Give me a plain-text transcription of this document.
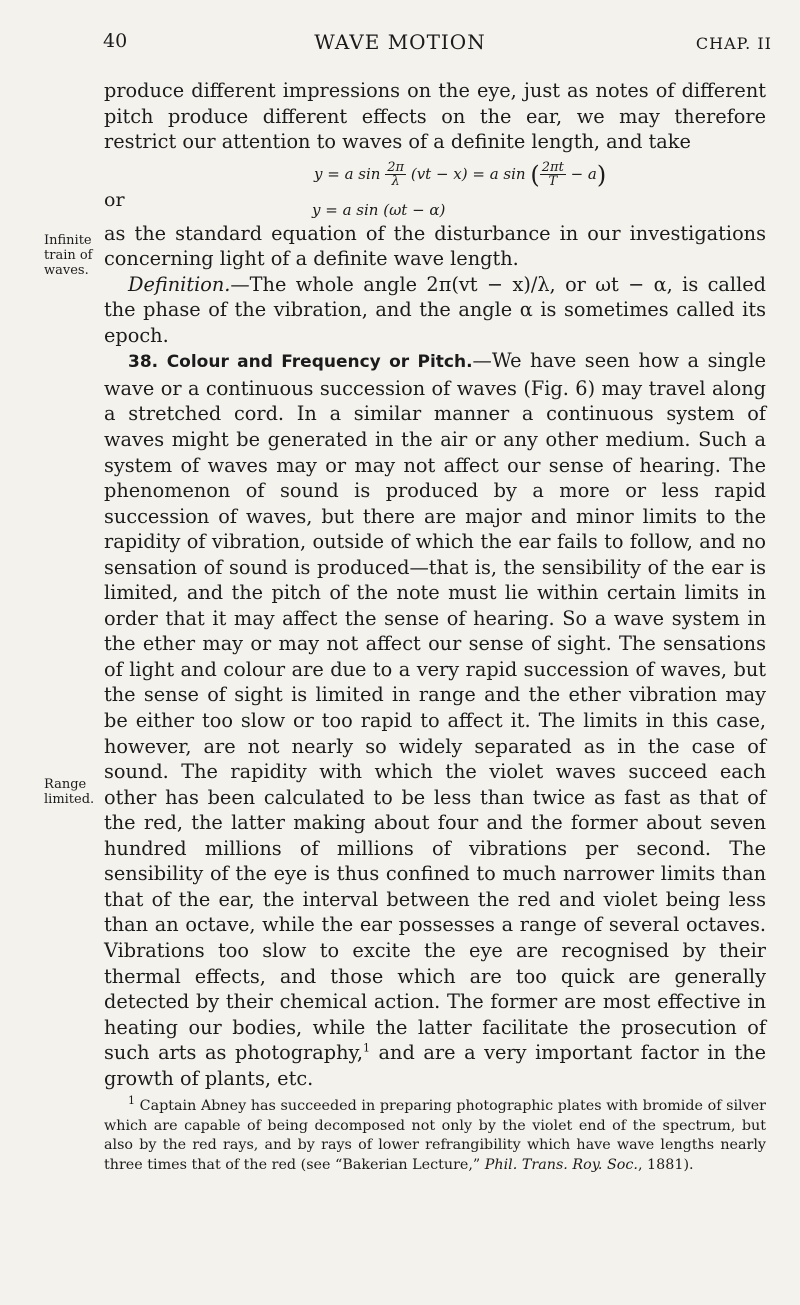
40	WAVE MOTION	CHAP. II
Infinite train of waves.
Range limited.

produce different impressions on the eye, just as notes of different pitch produce different effects on the ear, we may therefore restrict our attention to waves of a definite length, and take

y = a $\sin \frac{2\pi}{\lambda} (vt - x) = a$ sin ( $\frac{2\pi t}{T} - a$)
or	y = a sin (ωt − α)

as the standard equation of the disturbance in our investigations concerning light of a definite wave length.

Definition.—The whole angle 2π(vt − x)/λ, or ωt − α, is called the phase of the vibration, and the angle α is sometimes called its epoch.

38. Colour and Frequency or Pitch.—We have seen how a single wave or a continuous succession of waves (Fig. 6) may travel along a stretched cord. In a similar manner a continuous system of waves might be generated in the air or any other medium. Such a system of waves may or may not affect our sense of hearing. The phenomenon of sound is produced by a more or less rapid succession of waves, but there are major and minor limits to the rapidity of vibration, outside of which the ear fails to follow, and no sensation of sound is produced—that is, the sensibility of the ear is limited, and the pitch of the note must lie within certain limits in order that it may affect the sense of hearing. So a wave system in the ether may or may not affect our sense of sight. The sensations of light and colour are due to a very rapid succession of waves, but the sense of sight is limited in range and the ether vibration may be either too slow or too rapid to affect it. The limits in this case, however, are not nearly so widely separated as in the case of sound. The rapidity with which the violet waves succeed each other has been calculated to be less than twice as fast as that of the red, the latter making about four and the former about seven hundred millions of millions of vibrations per second. The sensibility of the eye is thus confined to much narrower limits than that of the ear, the interval between the red and violet being less than an octave, while the ear possesses a range of several octaves. Vibrations too slow to excite the eye are recognised by their thermal effects, and those which are too quick are generally detected by their chemical action. The former are most effective in heating our bodies, while the latter facilitate the prosecution of such arts as photography,$^1$ and are a very important factor in the growth of plants, etc.

$^1$ Captain Abney has succeeded in preparing photographic plates with bromide of silver which are capable of being decomposed not only by the violet end of the spectrum, but also by the red rays, and by rays of lower refrangibility which have wave lengths nearly three times that of the red (see “Bakerian Lecture,” Phil. Trans. Roy. Soc., 1881).
